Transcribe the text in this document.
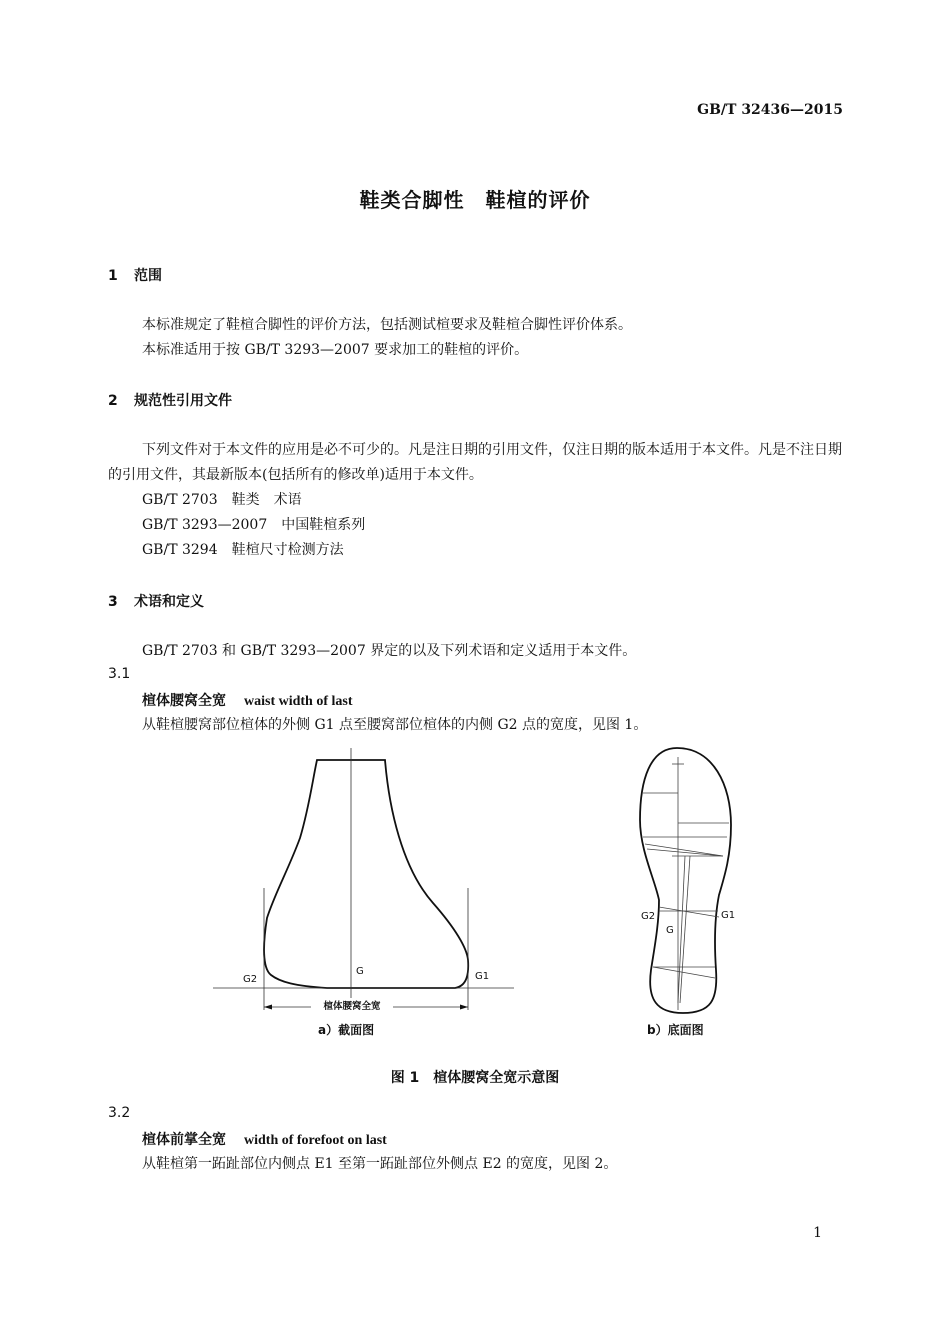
GB/T 32436—2015
鞋类合脚性　鞋楦的评价
1 范围
本标准规定了鞋楦合脚性的评价方法，包括测试楦要求及鞋楦合脚性评价体系。
本标准适用于按 GB/T 3293—2007 要求加工的鞋楦的评价。
2 规范性引用文件
下列文件对于本文件的应用是必不可少的。凡是注日期的引用文件，仅注日期的版本适用于本文件。凡是不注日期的引用文件，其最新版本(包括所有的修改单)适用于本文件。
GB/T 2703　鞋类　术语
GB/T 3293—2007　中国鞋楦系列
GB/T 3294　鞋楦尺寸检测方法
3 术语和定义
GB/T 2703 和 GB/T 3293—2007 界定的以及下列术语和定义适用于本文件。
3.1
楦体腰窝全宽 waist width of last
从鞋楦腰窝部位楦体的外侧 G1 点至腰窝部位楦体的内侧 G2 点的宽度，见图 1。
G2
G	G1
楦体腰窝全宽
a）截面图
G2
G
G1
b）底面图
图 1　楦体腰窝全宽示意图
3.2
楦体前掌全宽 width of forefoot on last
从鞋楦第一跖趾部位内侧点 E1 至第一跖趾部位外侧点 E2 的宽度，见图 2。
1
